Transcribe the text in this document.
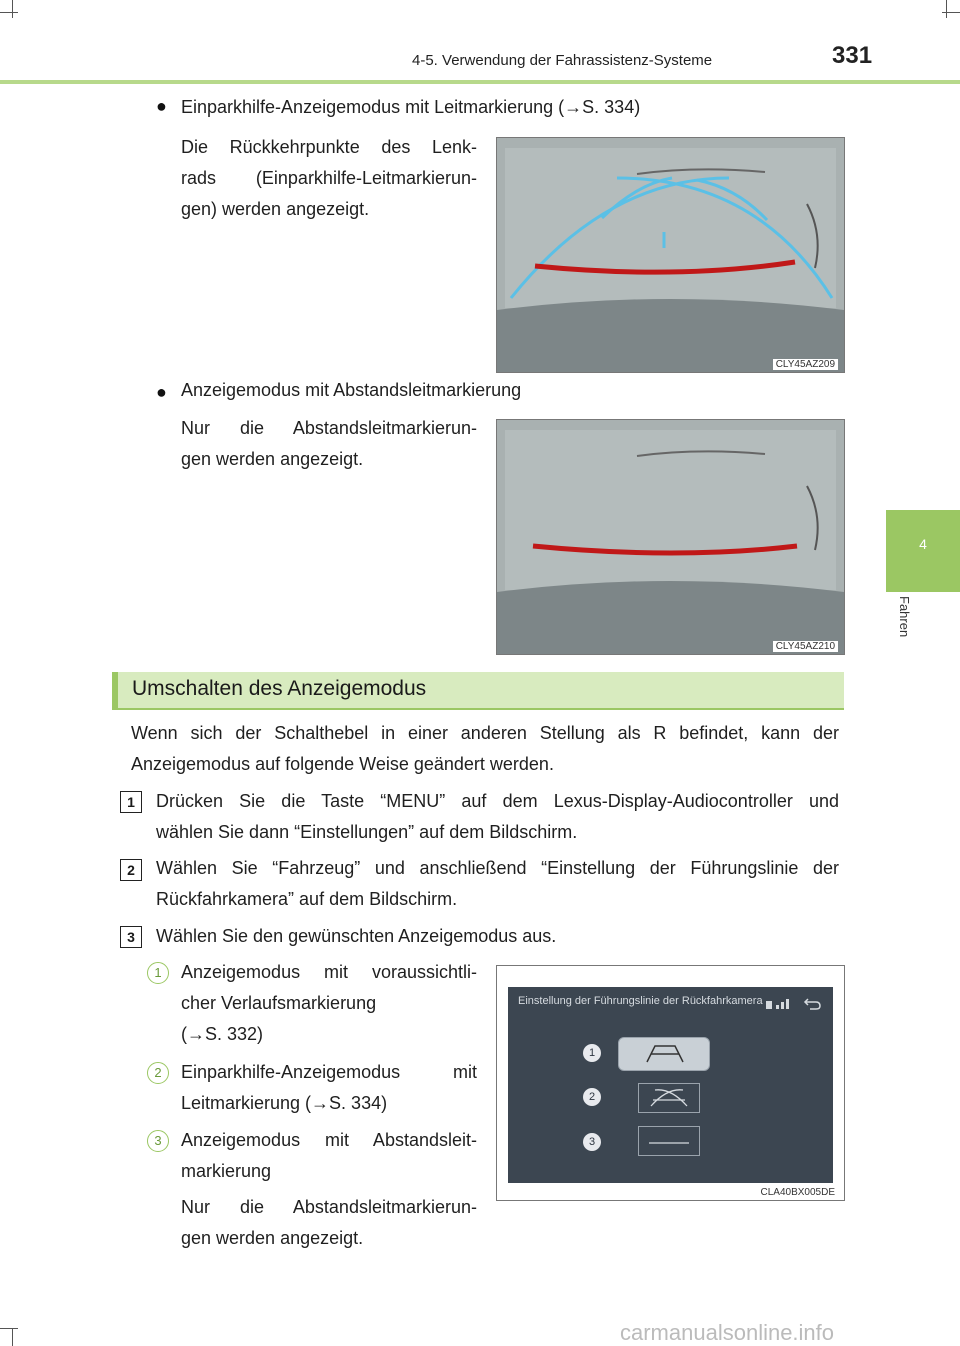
4-5. Verwendung der Fahrassistenz-Systeme	331
4
Fahren
● Einparkhilfe-Anzeigemodus mit Leitmarkierung (→S. 334)
Die Rückkehrpunkte des Lenk-
rads (Einparkhilfe-Leitmarkierun-
gen) werden angezeigt.
CLY45AZ209
● Anzeigemodus mit Abstandsleitmarkierung
Nur die Abstandsleitmarkierun-
gen werden angezeigt.
CLY45AZ210
Umschalten des Anzeigemodus
Wenn sich der Schalthebel in einer anderen Stellung als R befindet, kann der
Anzeigemodus auf folgende Weise geändert werden.
1	Drücken Sie die Taste “MENU” auf dem Lexus-Display-Audiocontroller und
wählen Sie dann “Einstellungen” auf dem Bildschirm.
2	Wählen Sie “Fahrzeug” und anschließend “Einstellung der Führungslinie der
Rückfahrkamera” auf dem Bildschirm.
3	Wählen Sie den gewünschten Anzeigemodus aus.
1	Anzeigemodus mit voraussichtli-
cher Verlaufsmarkierung
(→S. 332)
2	Einparkhilfe-Anzeigemodus mit
Leitmarkierung (→S. 334)
3	Anzeigemodus mit Abstandsleit-
markierung
Nur die Abstandsleitmarkierun-
gen werden angezeigt.
CLA40BX005DE
Einstellung der Führungslinie der Rückfahrkamera
1
2
3
carmanualsonline.info
